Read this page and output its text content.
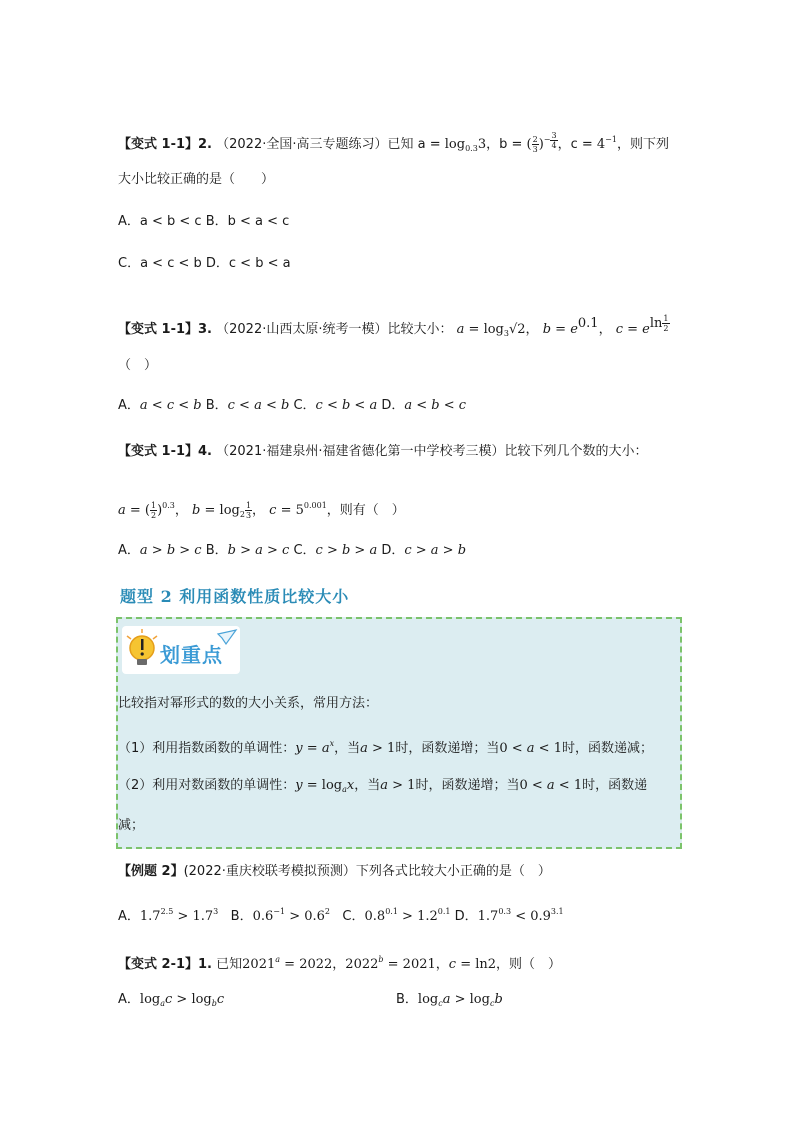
【变式 1-1】2. （2022·全国·高三专题练习）已知 $a = \log_{0.3}3$，b = ( $\frac{2}{3} )^{- \frac{3}{4}}$ ，$c = 4^{-1}$，则下列
大小比较正确的是（　　）
A．a < b < c B．b < a < c
C．a < c < b D．c < b < a
【变式 1-1】3. （2022·山西太原·统考一模）比较大小： $a = \log_3√2$， $b = e^{0.1}$， $c = e^{ln \frac{1}{2}}$
（　）
A．a < c < b B．c < a < b C．c < b < a D．a < b < c
【变式 1-1】4. （2021·福建泉州·福建省德化第一中学校考三模）比较下列几个数的大小：
a = ( $\frac{1}{2} )^{0.3}$， $b = \log_2 \frac{1}{3}$ ， $c = 5^{0.001}$，则有（　）
A．a > b > c B．b > a > c C．c > b > a D．c > a > b
题型 2 利用函数性质比较大小
划重点
比较指对幂形式的数的大小关系，常用方法：
（1）利用指数函数的单调性：$y = a^x$，当a > 1时，函数递增；当0 < a < 1时，函数递减；
（2）利用对数函数的单调性：$y = \log_ax$，当a > 1时，函数递增；当0 < a < 1时，函数递
减；
【例题 2】(2022·重庆校联考模拟预测）下列各式比较大小正确的是（　）
A．$1.7^{2.5} > 1.7^3$ B．$0.6^{-1} > 0.6^2$ C．$0.8^{0.1} > 1.2^{0.1}$ D．$1.7^{0.3} < 0.9^{3.1}$
【变式 2-1】1. 已知$2021^a = 2022$，$2022^b = 2021$，c = ln2，则（　）
A．$\log_ac > \log_bc$	B．$\log_ca > \log_cb$
